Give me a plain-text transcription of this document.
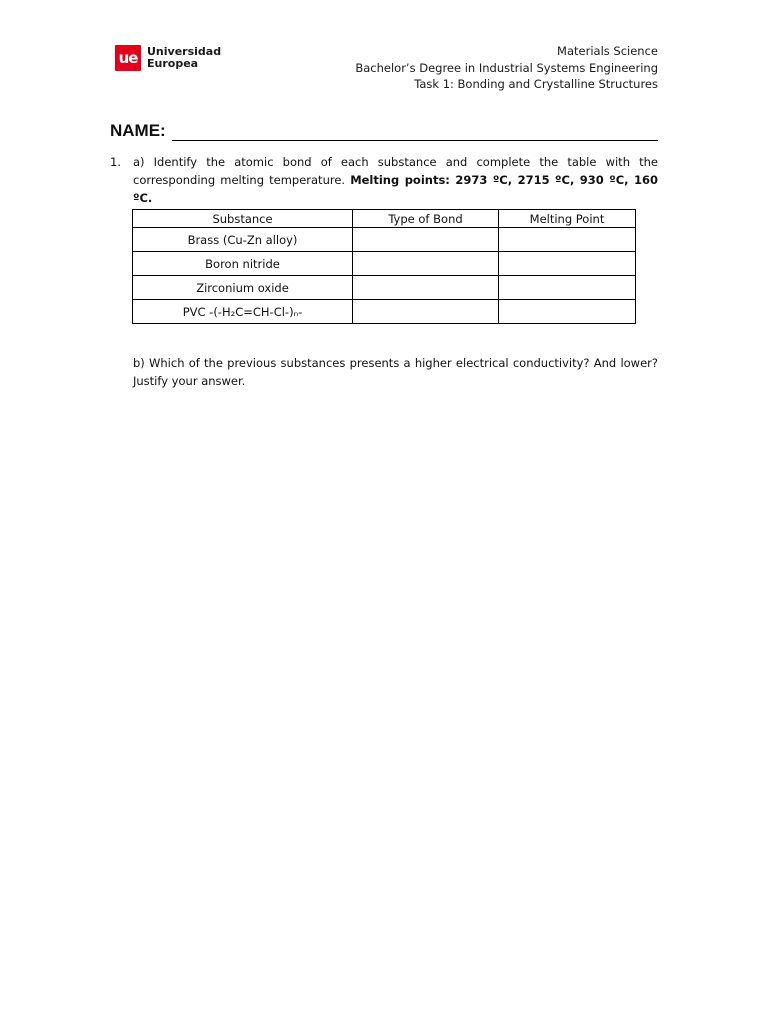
ue Universidad
Europea
Materials Science
Bachelor’s Degree in Industrial Systems Engineering
Task 1: Bonding and Crystalline Structures
NAME:
1. a) Identify the atomic bond of each substance and complete the table with the corresponding melting temperature. Melting points: 2973 ºC, 2715 ºC, 930 ºC, 160 ºC.
Substance	Type of Bond	Melting Point
Brass (Cu-Zn alloy)		
Boron nitride		
Zirconium oxide		
PVC -(-H₂C=CH-Cl-)ₙ-		
b) Which of the previous substances presents a higher electrical conductivity? And lower? Justify your answer.
